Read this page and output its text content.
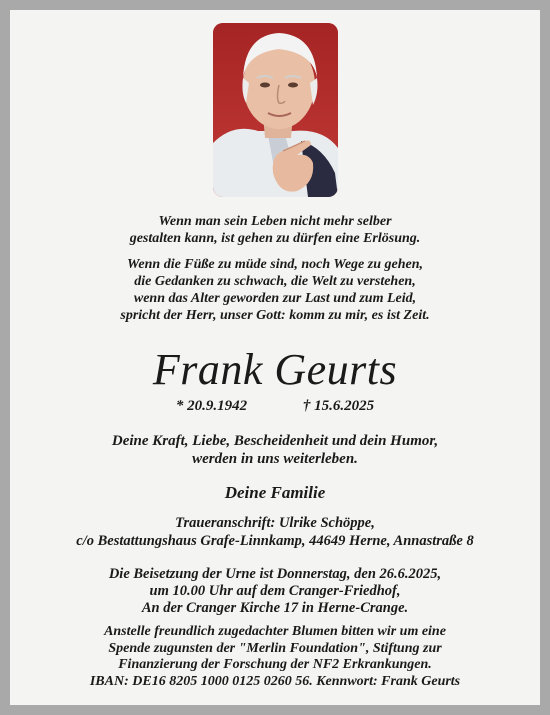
Wenn man sein Leben nicht mehr selber
gestalten kann, ist gehen zu dürfen eine Erlösung.

Wenn die Füße zu müde sind, noch Wege zu gehen,
die Gedanken zu schwach, die Welt zu verstehen,
wenn das Alter geworden zur Last und zum Leid,
spricht der Herr, unser Gott: komm zu mir, es ist Zeit.

Frank Geurts
* 20.9.1942	† 15.6.2025
Deine Kraft, Liebe, Bescheidenheit und dein Humor,
werden in uns weiterleben.
Deine Familie
Traueranschrift: Ulrike Schöppe,
c/o Bestattungshaus Grafe-Linnkamp, 44649 Herne, Annastraße 8
Die Beisetzung der Urne ist Donnerstag, den 26.6.2025,
um 10.00 Uhr auf dem Cranger-Friedhof,
An der Cranger Kirche 17 in Herne-Crange.
Anstelle freundlich zugedachter Blumen bitten wir um eine
Spende zugunsten der "Merlin Foundation", Stiftung zur
Finanzierung der Forschung der NF2 Erkrankungen.
IBAN: DE16 8205 1000 0125 0260 56. Kennwort: Frank Geurts
